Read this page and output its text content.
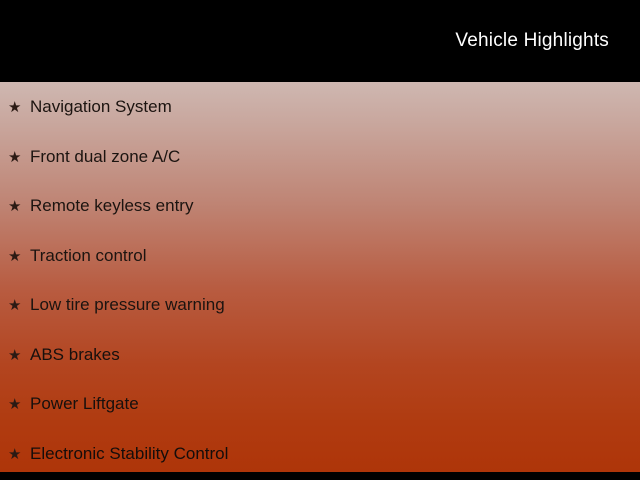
Vehicle Highlights
★ Navigation System
★ Front dual zone A/C
★ Remote keyless entry
★ Traction control
★ Low tire pressure warning
★ ABS brakes
★ Power Liftgate
★ Electronic Stability Control
